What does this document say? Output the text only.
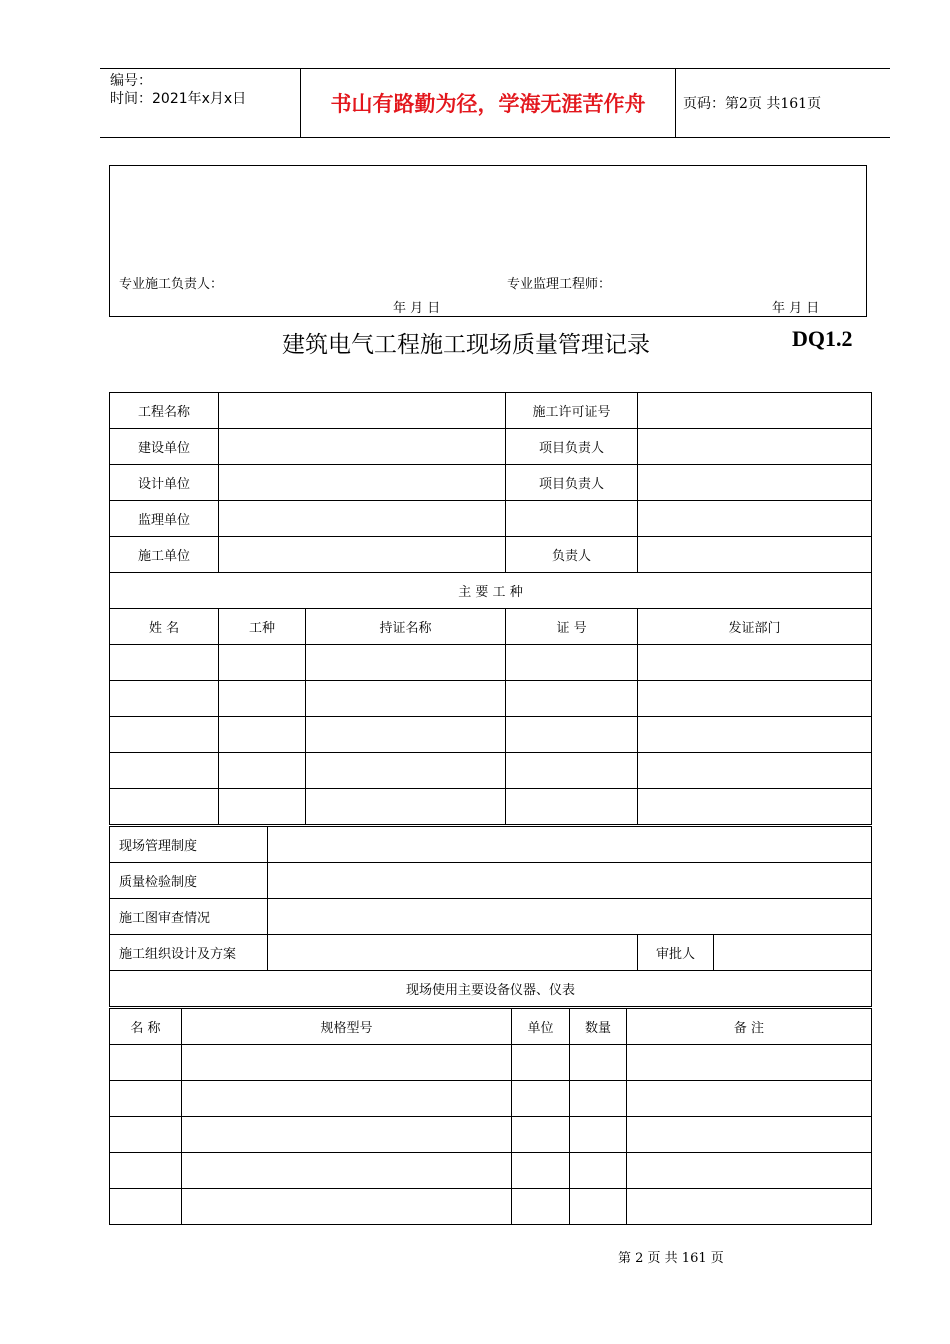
编号：
时间：2021年x月x日	书山有路勤为径，学海无涯苦作舟	页码：第2页 共161页
专业施工负责人：	专业监理工程师：
年 月 日	年 月 日
建筑电气工程施工现场质量管理记录	DQ1.2
工程名称			施工许可证号	
建设单位			项目负责人	
设计单位			项目负责人	
监理单位				
施工单位			负责人	
主 要 工 种				
姓 名	工种	持证名称	证 号	发证部门

现场管理制度			
质量检验制度			
施工图审查情况			
施工组织设计及方案		审批人	
现场使用主要设备仪器、仪表			
名 称	规格型号	单位	数量	备 注

第 2 页 共 161 页
